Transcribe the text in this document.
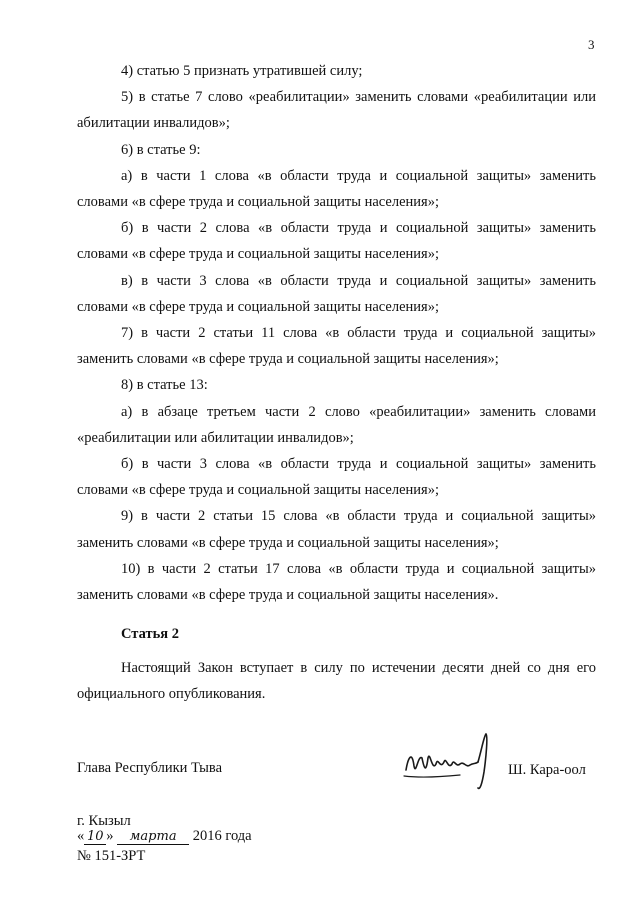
3

4) статью 5 признать утратившей силу;

5) в статье 7 слово «реабилитации» заменить словами «реабилитации или абилитации инвалидов»;

6) в статье 9:

а) в части 1 слова «в области труда и социальной защиты» заменить словами «в сфере труда и социальной защиты населения»;

б) в части 2 слова «в области труда и социальной защиты» заменить словами «в сфере труда и социальной защиты населения»;

в) в части 3 слова «в области труда и социальной защиты» заменить словами «в сфере труда и социальной защиты населения»;

7) в части 2 статьи 11 слова «в области труда и социальной защиты» заменить словами «в сфере труда и социальной защиты населения»;

8) в статье 13:

а) в абзаце третьем части 2 слово «реабилитации» заменить словами «реабилитации или абилитации инвалидов»;

б) в части 3 слова «в области труда и социальной защиты» заменить словами «в сфере труда и социальной защиты населения»;

9) в части 2 статьи 15 слова «в области труда и социальной защиты» заменить словами «в сфере труда и социальной защиты населения»;

10) в части 2 статьи 17 слова «в области труда и социальной защиты» заменить словами «в сфере труда и социальной защиты населения».

Статья 2

Настоящий Закон вступает в силу по истечении десяти дней со дня его официального опубликования.

Глава Республики Тыва	Ш. Кара-оол
г. Кызыл
« 10 » марта 2016 года
№ 151-ЗРТ
